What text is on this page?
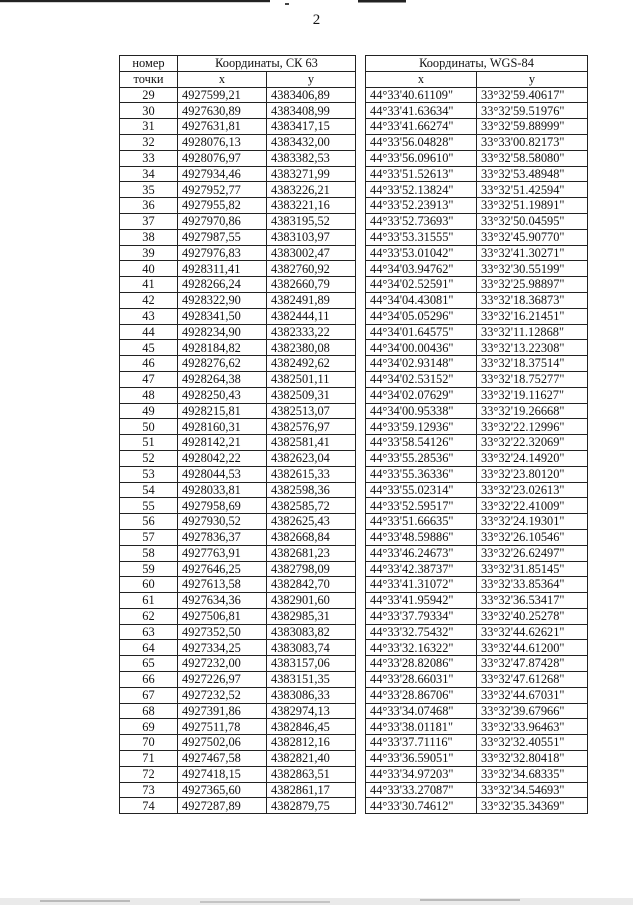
2
номер	Координаты, СК 63			Координаты, WGS-84	
точки	x	y		x	y
29	4927599,21	4383406,89		44°33'40.61109"	33°32'59.40617"
30	4927630,89	4383408,99		44°33'41.63634"	33°32'59.51976"
31	4927631,81	4383417,15		44°33'41.66274"	33°32'59.88999"
32	4928076,13	4383432,00		44°33'56.04828"	33°33'00.82173"
33	4928076,97	4383382,53		44°33'56.09610"	33°32'58.58080"
34	4927934,46	4383271,99		44°33'51.52613"	33°32'53.48948"
35	4927952,77	4383226,21		44°33'52.13824"	33°32'51.42594"
36	4927955,82	4383221,16		44°33'52.23913"	33°32'51.19891"
37	4927970,86	4383195,52		44°33'52.73693"	33°32'50.04595"
38	4927987,55	4383103,97		44°33'53.31555"	33°32'45.90770"
39	4927976,83	4383002,47		44°33'53.01042"	33°32'41.30271"
40	4928311,41	4382760,92		44°34'03.94762"	33°32'30.55199"
41	4928266,24	4382660,79		44°34'02.52591"	33°32'25.98897"
42	4928322,90	4382491,89		44°34'04.43081"	33°32'18.36873"
43	4928341,50	4382444,11		44°34'05.05296"	33°32'16.21451"
44	4928234,90	4382333,22		44°34'01.64575"	33°32'11.12868"
45	4928184,82	4382380,08		44°34'00.00436"	33°32'13.22308"
46	4928276,62	4382492,62		44°34'02.93148"	33°32'18.37514"
47	4928264,38	4382501,11		44°34'02.53152"	33°32'18.75277"
48	4928250,43	4382509,31		44°34'02.07629"	33°32'19.11627"
49	4928215,81	4382513,07		44°34'00.95338"	33°32'19.26668"
50	4928160,31	4382576,97		44°33'59.12936"	33°32'22.12996"
51	4928142,21	4382581,41		44°33'58.54126"	33°32'22.32069"
52	4928042,22	4382623,04		44°33'55.28536"	33°32'24.14920"
53	4928044,53	4382615,33		44°33'55.36336"	33°32'23.80120"
54	4928033,81	4382598,36		44°33'55.02314"	33°32'23.02613"
55	4927958,69	4382585,72		44°33'52.59517"	33°32'22.41009"
56	4927930,52	4382625,43		44°33'51.66635"	33°32'24.19301"
57	4927836,37	4382668,84		44°33'48.59886"	33°32'26.10546"
58	4927763,91	4382681,23		44°33'46.24673"	33°32'26.62497"
59	4927646,25	4382798,09		44°33'42.38737"	33°32'31.85145"
60	4927613,58	4382842,70		44°33'41.31072"	33°32'33.85364"
61	4927634,36	4382901,60		44°33'41.95942"	33°32'36.53417"
62	4927506,81	4382985,31		44°33'37.79334"	33°32'40.25278"
63	4927352,50	4383083,82		44°33'32.75432"	33°32'44.62621"
64	4927334,25	4383083,74		44°33'32.16322"	33°32'44.61200"
65	4927232,00	4383157,06		44°33'28.82086"	33°32'47.87428"
66	4927226,97	4383151,35		44°33'28.66031"	33°32'47.61268"
67	4927232,52	4383086,33		44°33'28.86706"	33°32'44.67031"
68	4927391,86	4382974,13		44°33'34.07468"	33°32'39.67966"
69	4927511,78	4382846,45		44°33'38.01181"	33°32'33.96463"
70	4927502,06	4382812,16		44°33'37.71116"	33°32'32.40551"
71	4927467,58	4382821,40		44°33'36.59051"	33°32'32.80418"
72	4927418,15	4382863,51		44°33'34.97203"	33°32'34.68335"
73	4927365,60	4382861,17		44°33'33.27087"	33°32'34.54693"
74	4927287,89	4382879,75		44°33'30.74612"	33°32'35.34369"
